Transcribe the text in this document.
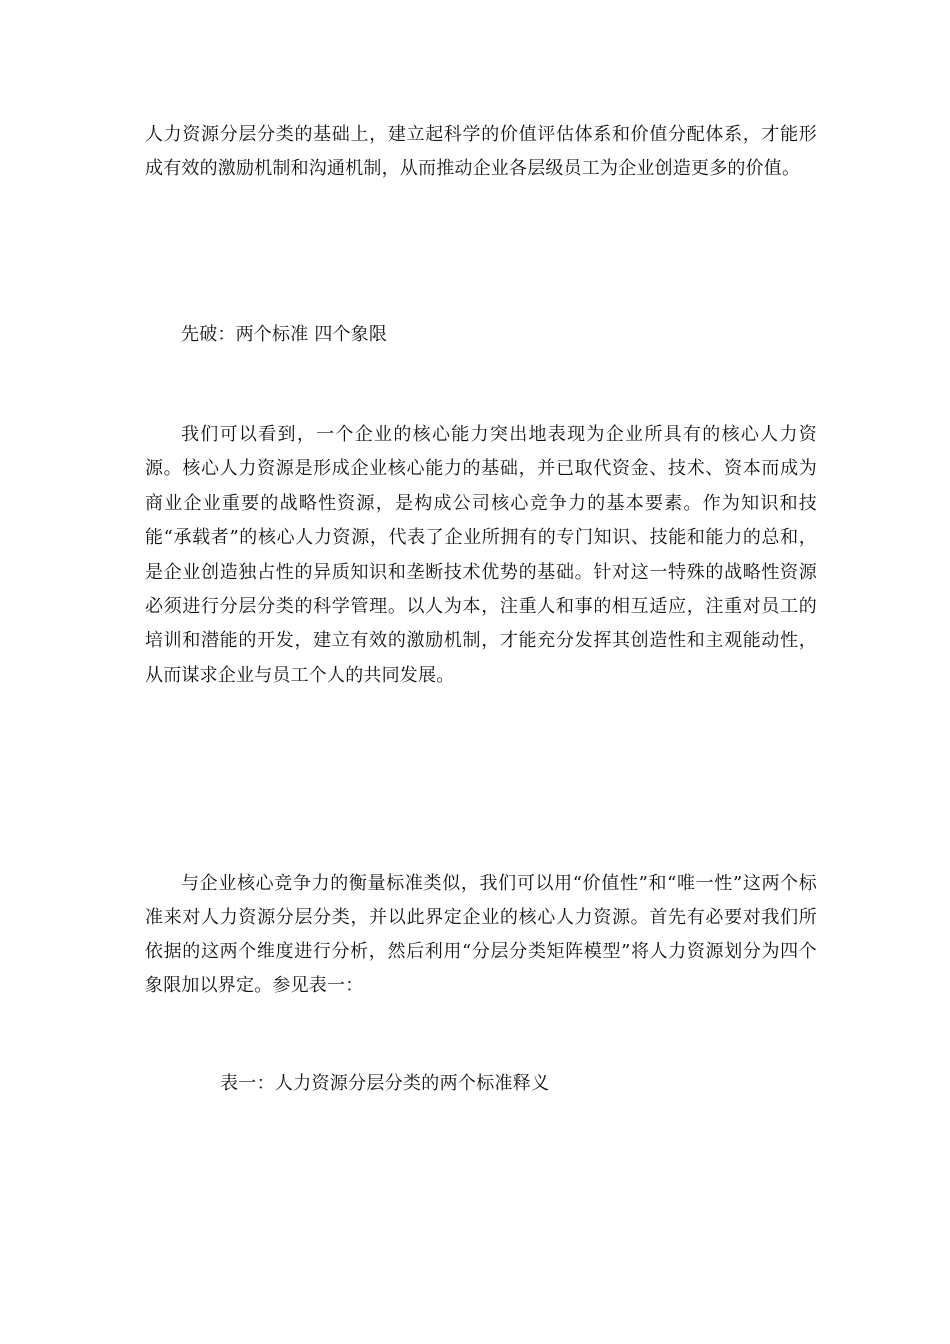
人力资源分层分类的基础上，建立起科学的价值评估体系和价值分配体系，才能形成有效的激励机制和沟通机制，从而推动企业各层级员工为企业创造更多的价值。

先破：两个标准 四个象限

我们可以看到，一个企业的核心能力突出地表现为企业所具有的核心人力资源。核心人力资源是形成企业核心能力的基础，并已取代资金、技术、资本而成为商业企业重要的战略性资源，是构成公司核心竞争力的基本要素。作为知识和技能“承载者”的核心人力资源，代表了企业所拥有的专门知识、技能和能力的总和，是企业创造独占性的异质知识和垄断技术优势的基础。针对这一特殊的战略性资源必须进行分层分类的科学管理。以人为本，注重人和事的相互适应，注重对员工的培训和潜能的开发，建立有效的激励机制，才能充分发挥其创造性和主观能动性，从而谋求企业与员工个人的共同发展。

与企业核心竞争力的衡量标准类似，我们可以用“价值性”和“唯一性”这两个标准来对人力资源分层分类，并以此界定企业的核心人力资源。首先有必要对我们所依据的这两个维度进行分析，然后利用“分层分类矩阵模型”将人力资源划分为四个象限加以界定。参见表一：

表一：人力资源分层分类的两个标准释义
